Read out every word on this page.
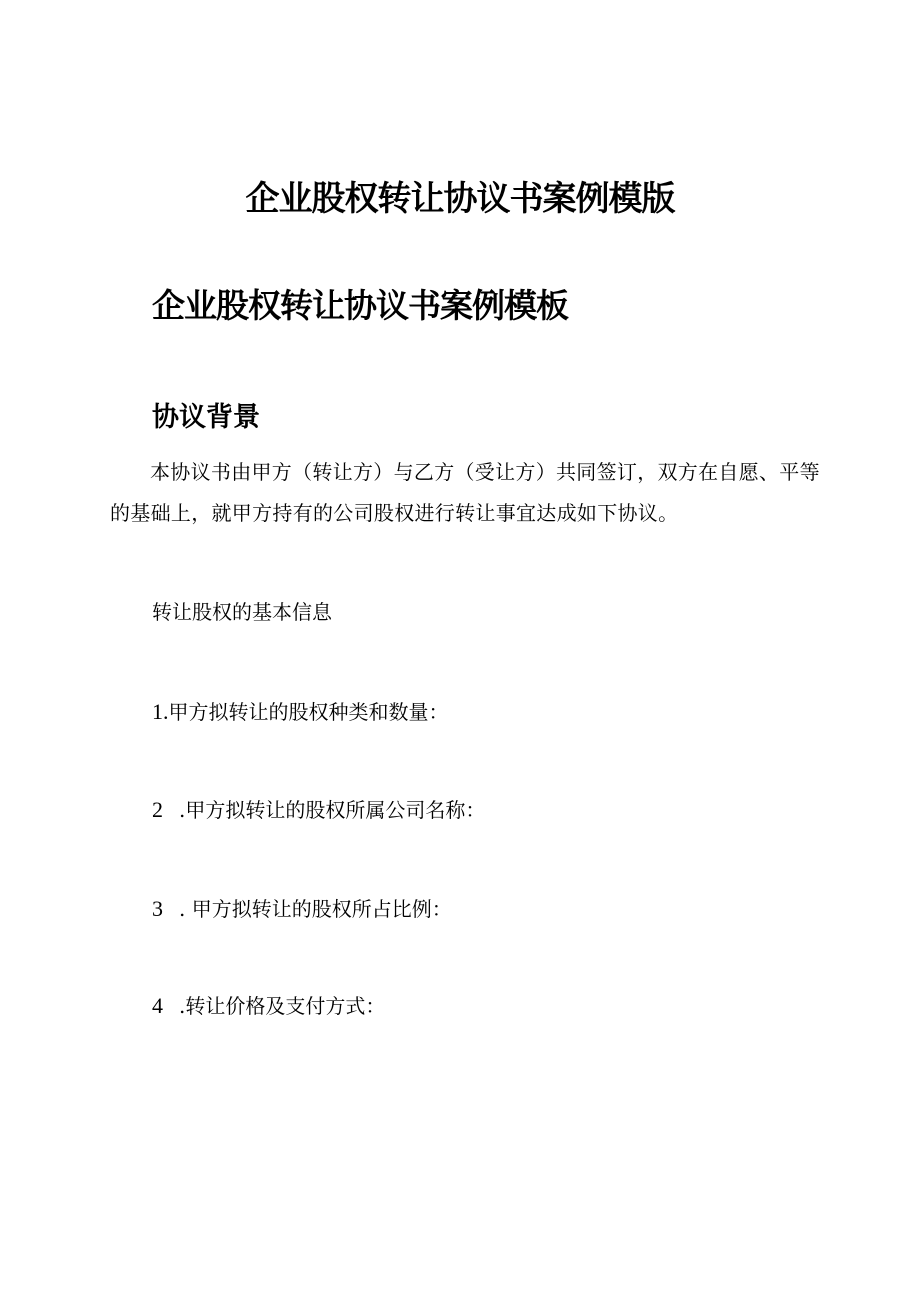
企业股权转让协议书案例模版
企业股权转让协议书案例模板
协议背景

本协议书由甲方（转让方）与乙方（受让方）共同签订，双方在自愿、平等的基础上，就甲方持有的公司股权进行转让事宜达成如下协议。

转让股权的基本信息

1.甲方拟转让的股权种类和数量：

2 .甲方拟转让的股权所属公司名称：

3 . 甲方拟转让的股权所占比例：

4 .转让价格及支付方式：
